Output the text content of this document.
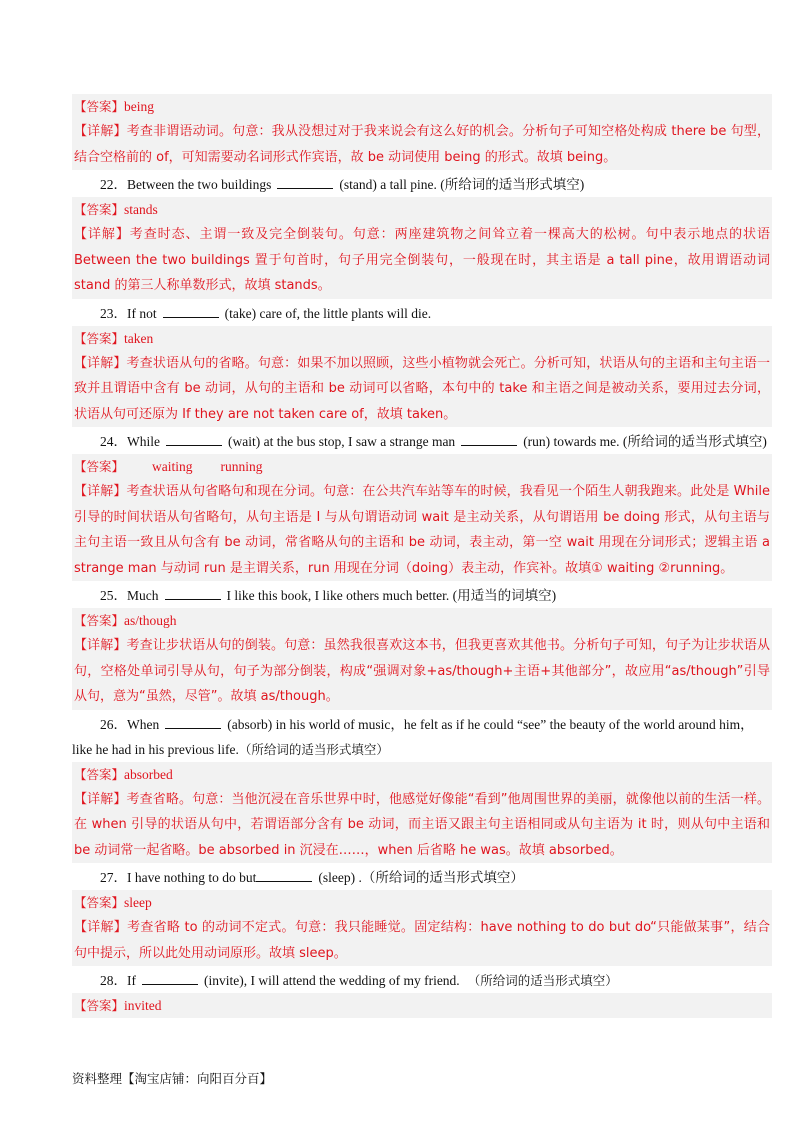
【答案】being

【详解】考查非谓语动词。句意：我从没想过对于我来说会有这么好的机会。分析句子可知空格处构成 there be 句型，结合空格前的 of，可知需要动名词形式作宾语，故 be 动词使用 being 的形式。故填 being。

22．Between the two buildings	(stand) a tall pine. (所给词的适当形式填空)

【答案】stands

【详解】考查时态、主谓一致及完全倒装句。句意：两座建筑物之间耸立着一棵高大的松树。句中表示地点的状语 Between the two buildings 置于句首时，句子用完全倒装句，一般现在时，其主语是 a tall pine，故用谓语动词 stand 的第三人称单数形式，故填 stands。

23．If not	(take) care of, the little plants will die.

【答案】taken

【详解】考查状语从句的省略。句意：如果不加以照顾，这些小植物就会死亡。分析可知，状语从句的主语和主句主语一致并且谓语中含有 be 动词，从句的主语和 be 动词可以省略，本句中的 take 和主语之间是被动关系，要用过去分词，状语从句可还原为 If they are not taken care of，故填 taken。

24．While	(wait) at the bus stop, I saw a strange man	(run) towards me. (所给词的适当形式填空)

【答案】 waiting running

【详解】考查状语从句省略句和现在分词。句意：在公共汽车站等车的时候，我看见一个陌生人朝我跑来。此处是 While 引导的时间状语从句省略句，从句主语是 I 与从句谓语动词 wait 是主动关系，从句谓语用 be doing 形式，从句主语与主句主语一致且从句含有 be 动词，常省略从句的主语和 be 动词，表主动，第一空 wait 用现在分词形式；逻辑主语 a strange man 与动词 run 是主谓关系，run 用现在分词（doing）表主动，作宾补。故填① waiting ②running。

25．Much	I like this book, I like others much better. (用适当的词填空)

【答案】as/though

【详解】考查让步状语从句的倒装。句意：虽然我很喜欢这本书，但我更喜欢其他书。分析句子可知，句子为让步状语从句，空格处单词引导从句，句子为部分倒装，构成“强调对象+as/though+主语+其他部分”，故应用“as/though”引导从句，意为“虽然，尽管”。故填 as/though。

26．When	(absorb) in his world of music，he felt as if he could “see” the beauty of the world around him，

like he had in his previous life.（所给词的适当形式填空）

【答案】absorbed

【详解】考查省略。句意：当他沉浸在音乐世界中时，他感觉好像能“看到”他周围世界的美丽，就像他以前的生活一样。在 when 引导的状语从句中，若谓语部分含有 be 动词，而主语又跟主句主语相同或从句主语为 it 时，则从句中主语和 be 动词常一起省略。be absorbed in 沉浸在……，when 后省略 he was。故填 absorbed。

27．I have nothing to do but	(sleep) .（所给词的适当形式填空）

【答案】sleep

【详解】考查省略 to 的动词不定式。句意：我只能睡觉。固定结构：have nothing to do but do“只能做某事”，结合句中提示，所以此处用动词原形。故填 sleep。

28．If	(invite), I will attend the wedding of my friend. （所给词的适当形式填空）

【答案】invited

资料整理【淘宝店铺：向阳百分百】
